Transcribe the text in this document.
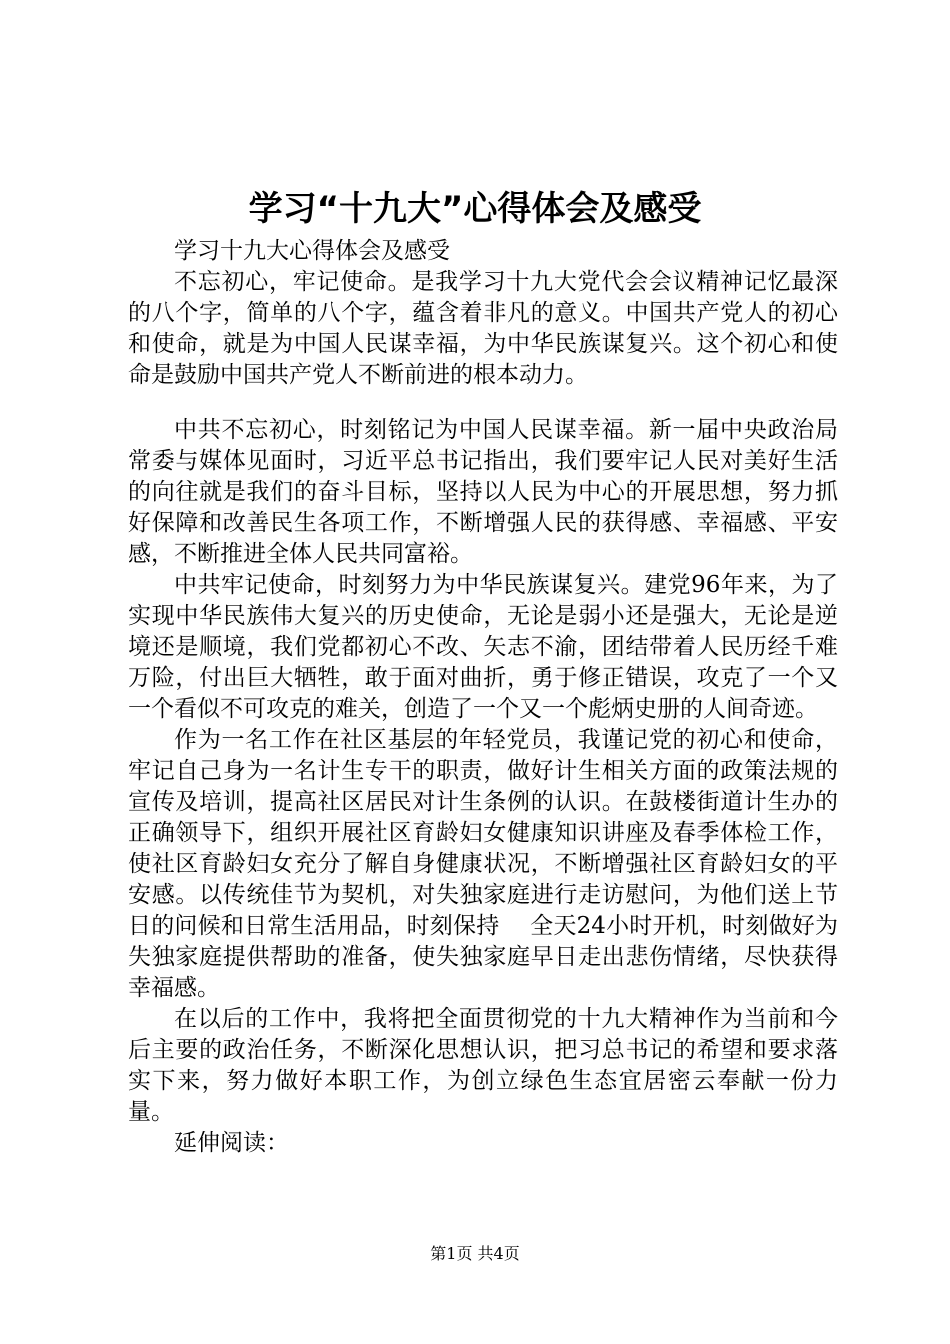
学习“十九大”心得体会及感受

学习十九大心得体会及感受

不忘初心，牢记使命。是我学习十九大党代会会议精神记忆最深的八个字，简单的八个字，蕴含着非凡的意义。中国共产党人的初心和使命，就是为中国人民谋幸福，为中华民族谋复兴。这个初心和使命是鼓励中国共产党人不断前进的根本动力。

中共不忘初心，时刻铭记为中国人民谋幸福。新一届中央政治局常委与媒体见面时，习近平总书记指出，我们要牢记人民对美好生活的向往就是我们的奋斗目标，坚持以人民为中心的开展思想，努力抓好保障和改善民生各项工作，不断增强人民的获得感、幸福感、平安感，不断推进全体人民共同富裕。

中共牢记使命，时刻努力为中华民族谋复兴。建党96年来，为了实现中华民族伟大复兴的历史使命，无论是弱小还是强大，无论是逆境还是顺境，我们党都初心不改、矢志不渝，团结带着人民历经千难万险，付出巨大牺牲，敢于面对曲折，勇于修正错误，攻克了一个又一个看似不可攻克的难关，创造了一个又一个彪炳史册的人间奇迹。

作为一名工作在社区基层的年轻党员，我谨记党的初心和使命，牢记自己身为一名计生专干的职责，做好计生相关方面的政策法规的宣传及培训，提高社区居民对计生条例的认识。在鼓楼街道计生办的正确领导下，组织开展社区育龄妇女健康知识讲座及春季体检工作，使社区育龄妇女充分了解自身健康状况，不断增强社区育龄妇女的平安感。以传统佳节为契机，对失独家庭进行走访慰问，为他们送上节日的问候和日常生活用品，时刻保持　 全天24小时开机，时刻做好为失独家庭提供帮助的准备，使失独家庭早日走出悲伤情绪，尽快获得幸福感。

在以后的工作中，我将把全面贯彻党的十九大精神作为当前和今后主要的政治任务，不断深化思想认识，把习总书记的希望和要求落实下来，努力做好本职工作，为创立绿色生态宜居密云奉献一份力量。

延伸阅读：

第1页 共4页
